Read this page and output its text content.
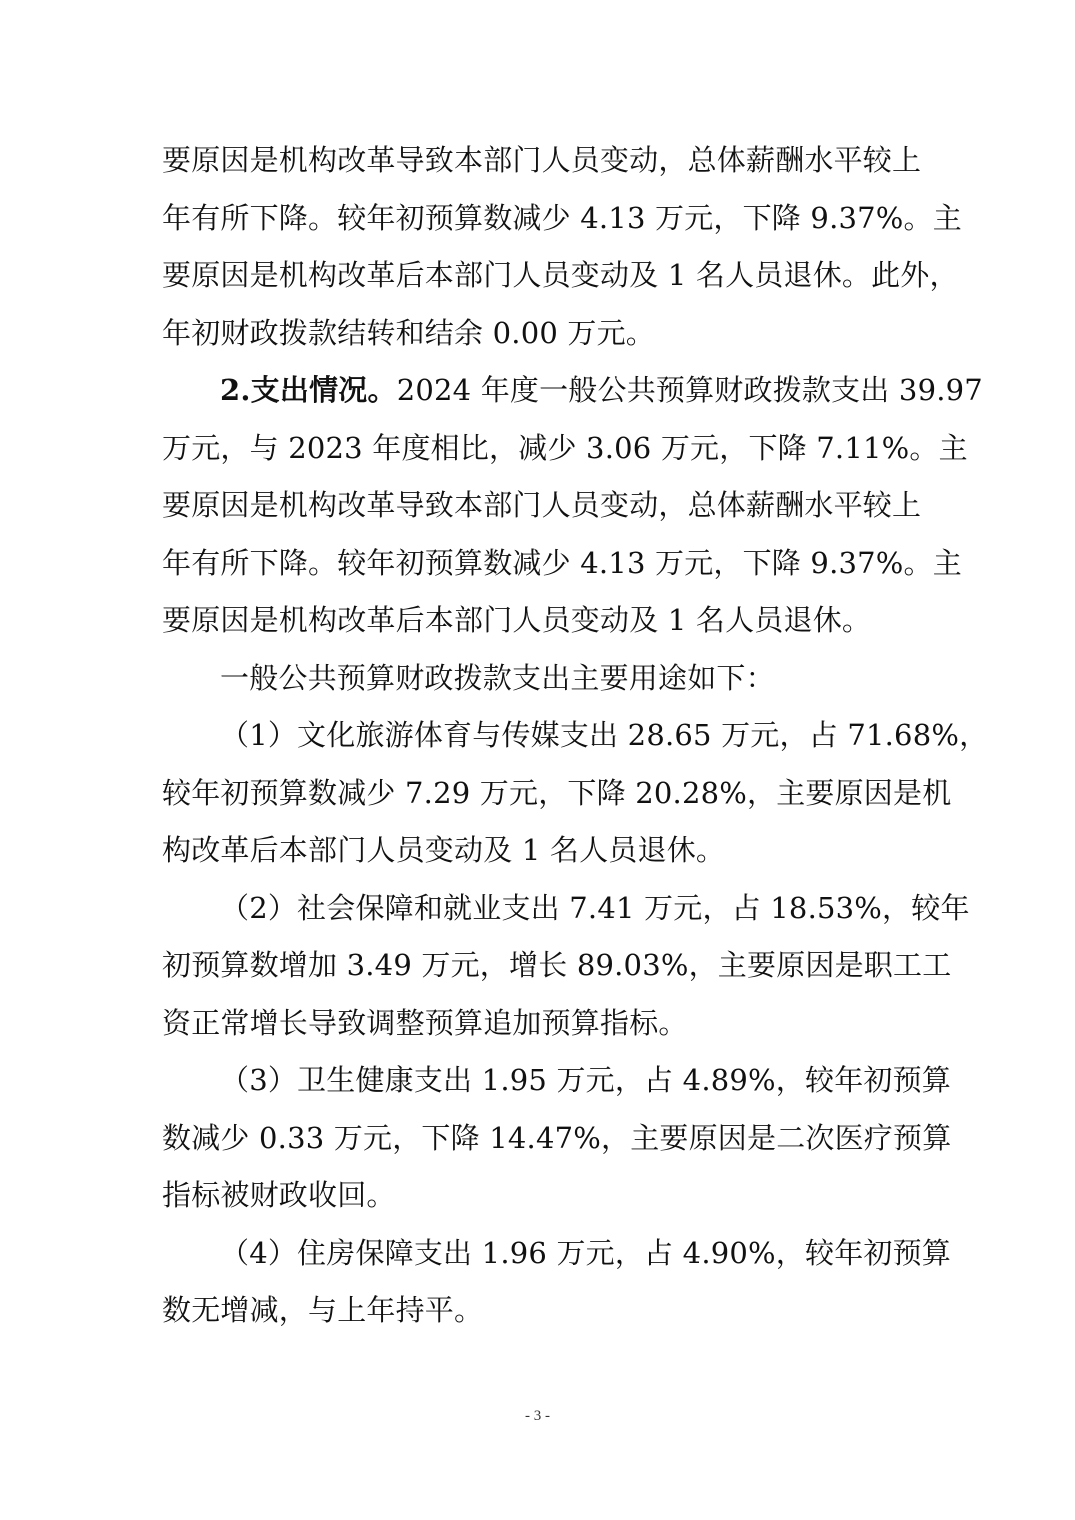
要原因是机构改革导致本部门人员变动，总体薪酬水平较上
年有所下降。较年初预算数减少 4.13 万元，下降 9.37%。主
要原因是机构改革后本部门人员变动及 1 名人员退休。此外，
年初财政拨款结转和结余 0.00 万元。
2.支出情况。2024 年度一般公共预算财政拨款支出 39.97
万元，与 2023 年度相比，减少 3.06 万元，下降 7.11%。主
要原因是机构改革导致本部门人员变动，总体薪酬水平较上
年有所下降。较年初预算数减少 4.13 万元，下降 9.37%。主
要原因是机构改革后本部门人员变动及 1 名人员退休。
一般公共预算财政拨款支出主要用途如下：
（1）文化旅游体育与传媒支出 28.65 万元，占 71.68%，
较年初预算数减少 7.29 万元，下降 20.28%，主要原因是机
构改革后本部门人员变动及 1 名人员退休。
（2）社会保障和就业支出 7.41 万元，占 18.53%，较年
初预算数增加 3.49 万元，增长 89.03%，主要原因是职工工
资正常增长导致调整预算追加预算指标。
（3）卫生健康支出 1.95 万元，占 4.89%，较年初预算
数减少 0.33 万元，下降 14.47%，主要原因是二次医疗预算
指标被财政收回。
（4）住房保障支出 1.96 万元，占 4.90%，较年初预算
数无增减，与上年持平。
- 3 -
